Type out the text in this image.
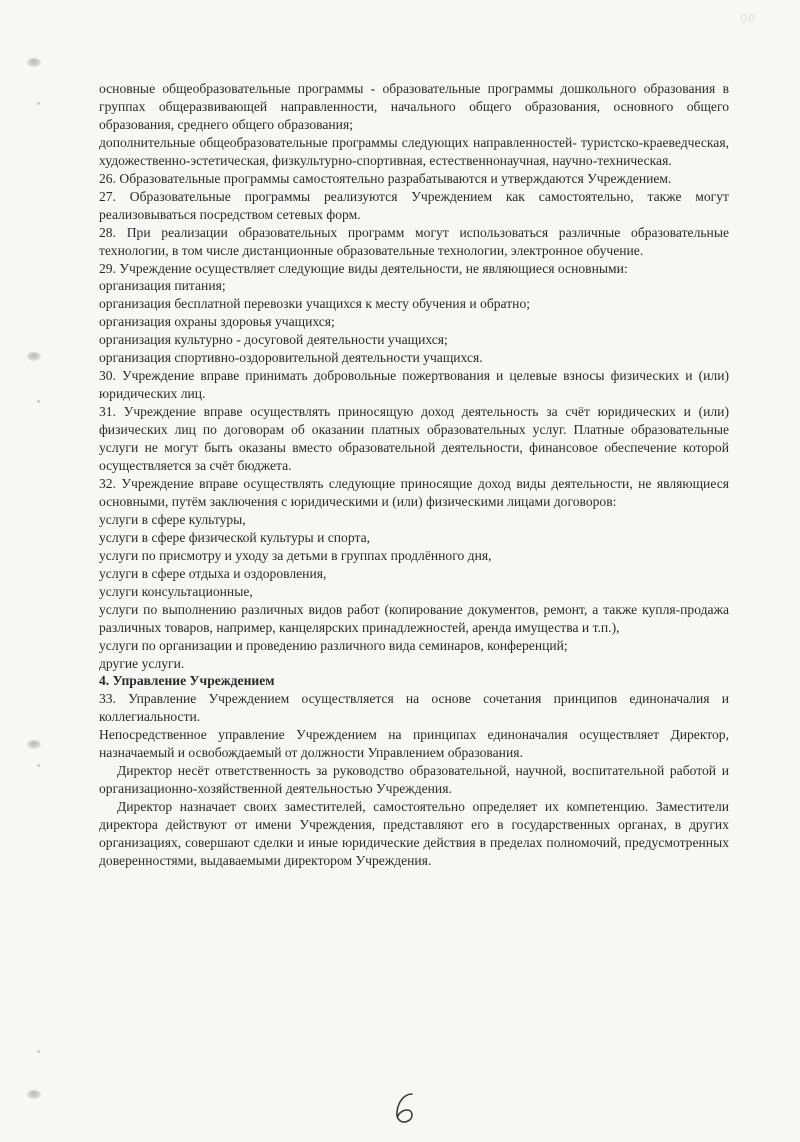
00

основные общеобразовательные программы - образовательные программы дошкольного образования в группах общеразвивающей направленности, начального общего образования, основного общего образования, среднего общего образования;

дополнительные общеобразовательные программы следующих направленностей- туристско-краеведческая, художественно-эстетическая, физкультурно-спортивная, естественнонаучная, научно-техническая.

26. Образовательные программы самостоятельно разрабатываются и утверждаются Учреждением.

27. Образовательные программы реализуются Учреждением как самостоятельно, также могут реализовываться посредством сетевых форм.

28. При реализации образовательных программ могут использоваться различные образовательные технологии, в том числе дистанционные образовательные технологии, электронное обучение.

29. Учреждение осуществляет следующие виды деятельности, не являющиеся основными:

организация питания;

организация бесплатной перевозки учащихся к месту обучения и обратно;

организация охраны здоровья учащихся;

организация культурно - досуговой деятельности учащихся;

организация спортивно-оздоровительной деятельности учащихся.

30. Учреждение вправе принимать добровольные пожертвования и целевые взносы физических и (или) юридических лиц.

31. Учреждение вправе осуществлять приносящую доход деятельность за счёт юридических и (или) физических лиц по договорам об оказании платных образовательных услуг. Платные образовательные услуги не могут быть оказаны вместо образовательной деятельности, финансовое обеспечение которой осуществляется за счёт бюджета.

32. Учреждение вправе осуществлять следующие приносящие доход виды деятельности, не являющиеся основными, путём заключения с юридическими и (или) физическими лицами договоров:

услуги в сфере культуры,

услуги в сфере физической культуры и спорта,

услуги по присмотру и уходу за детьми в группах продлённого дня,

услуги в сфере отдыха и оздоровления,

услуги консультационные,

услуги по выполнению различных видов работ (копирование документов, ремонт, а также купля-продажа различных товаров, например, канцелярских принадлежностей, аренда имущества и т.п.),

услуги по организации и проведению различного вида семинаров, конференций;

другие услуги.

4. Управление Учреждением

33. Управление Учреждением осуществляется на основе сочетания принципов единоначалия и коллегиальности.

Непосредственное управление Учреждением на принципах единоначалия осуществляет Директор, назначаемый и освобождаемый от должности Управлением образования.

Директор несёт ответственность за руководство образовательной, научной, воспитательной работой и организационно-хозяйственной деятельностью Учреждения.

Директор назначает своих заместителей, самостоятельно определяет их компетенцию. Заместители директора действуют от имени Учреждения, представляют его в государственных органах, в других организациях, совершают сделки и иные юридические действия в пределах полномочий, предусмотренных доверенностями, выдаваемыми директором Учреждения.

6
